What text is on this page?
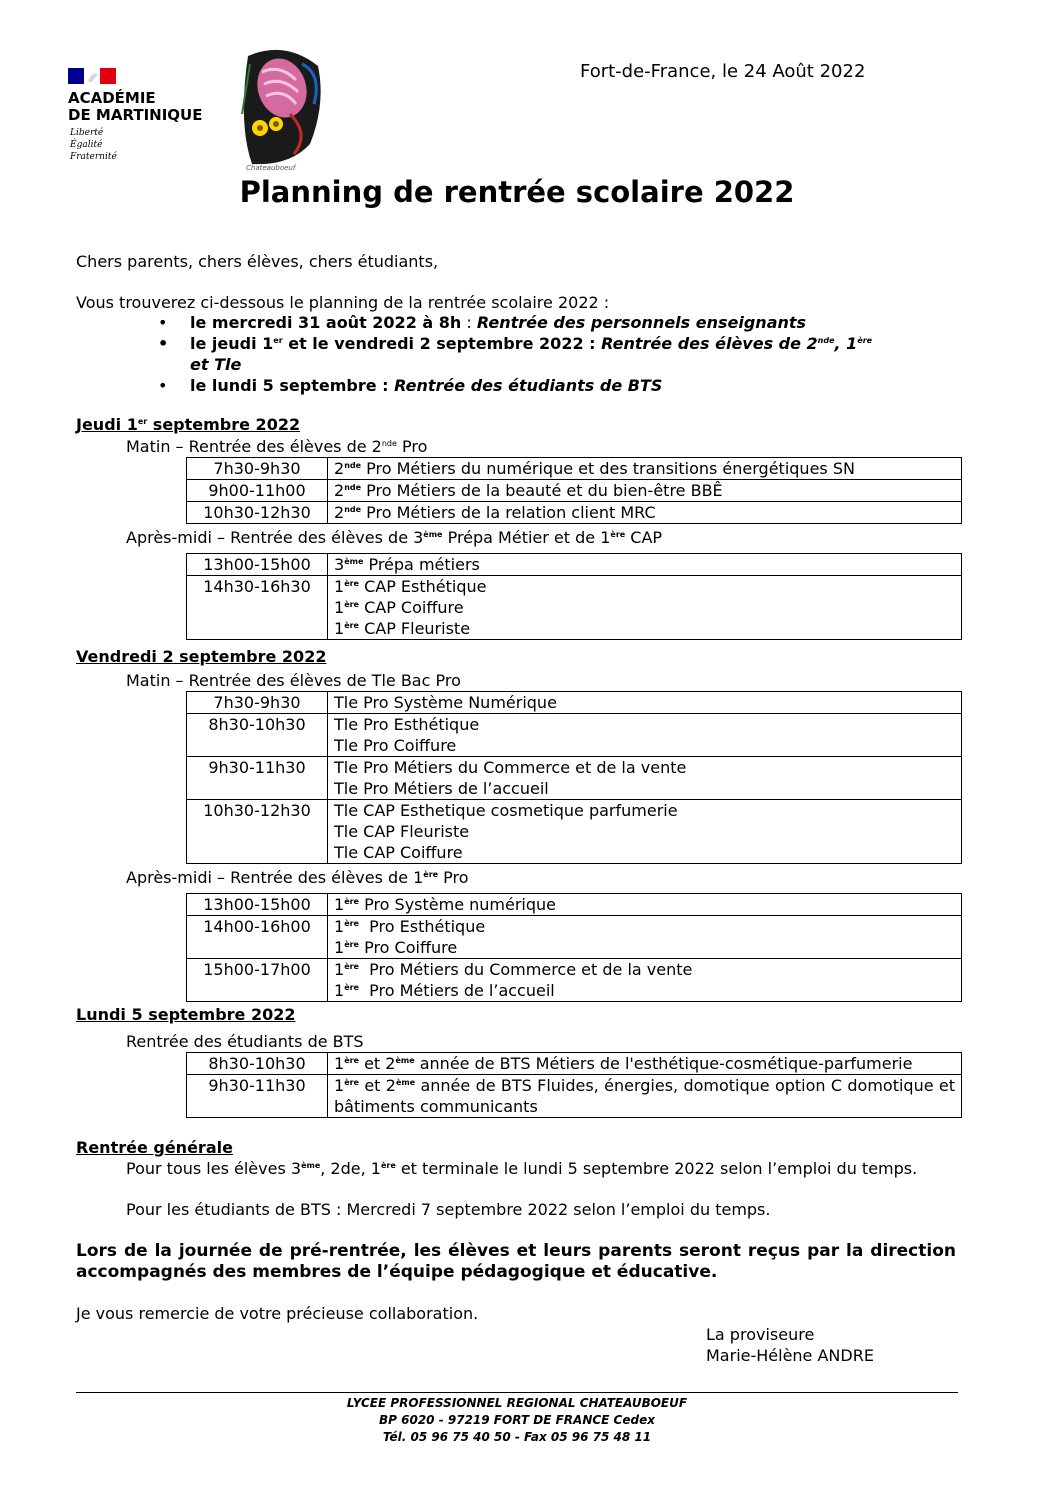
ACADÉMIE
DE MARTINIQUE
Liberté
Égalité
Fraternité
Chateauboeuf
Fort-de-France, le 24 Août 2022
Planning de rentrée scolaire 2022
Chers parents, chers élèves, chers étudiants,
Vous trouverez ci-dessous le planning de la rentrée scolaire 2022 :
• le mercredi 31 août 2022 à 8h : Rentrée des personnels enseignants
• le jeudi 1er et le vendredi 2 septembre 2022 : Rentrée des élèves de 2nde, 1ère
et Tle
• le lundi 5 septembre : Rentrée des étudiants de BTS
Jeudi 1er septembre 2022
Matin – Rentrée des élèves de 2nde Pro
7h30-9h30	2nde Pro Métiers du numérique et des transitions énergétiques SN
9h00-11h00	2nde Pro Métiers de la beauté et du bien-être BBÊ
10h30-12h30	2nde Pro Métiers de la relation client MRC
Après-midi – Rentrée des élèves de 3ème Prépa Métier et de 1ère CAP
13h00-15h00	3ème Prépa métiers
14h30-16h30	1ère CAP Esthétique
1ère CAP Coiffure
1ère CAP Fleuriste
Vendredi 2 septembre 2022
Matin – Rentrée des élèves de Tle Bac Pro
7h30-9h30	Tle Pro Système Numérique
8h30-10h30	Tle Pro Esthétique
Tle Pro Coiffure

9h30-11h30	Tle Pro Métiers du Commerce et de la vente
Tle Pro Métiers de l’accueil

10h30-12h30	Tle CAP Esthetique cosmetique parfumerie
Tle CAP Fleuriste
Tle CAP Coiffure
Après-midi – Rentrée des élèves de 1ère Pro
13h00-15h00	1ère Pro Système numérique
14h00-16h00	1ère  Pro Esthétique
1ère Pro Coiffure

15h00-17h00	1ère  Pro Métiers du Commerce et de la vente
1ère  Pro Métiers de l’accueil
Lundi 5 septembre 2022
Rentrée des étudiants de BTS
8h30-10h30	1ère et 2ème année de BTS Métiers de l'esthétique-cosmétique-parfumerie
9h30-11h30	1ère et 2ème année de BTS Fluides, énergies, domotique option C domotique et bâtiments communicants
Rentrée générale
Pour tous les élèves 3ème, 2de, 1ère et terminale le lundi 5 septembre 2022 selon l’emploi du temps.
Pour les étudiants de BTS : Mercredi 7 septembre 2022 selon l’emploi du temps.
Lors de la journée de pré-rentrée, les élèves et leurs parents seront reçus par la direction accompagnés des membres de l’équipe pédagogique et éducative.
Je vous remercie de votre précieuse collaboration.
La proviseure
Marie-Hélène ANDRE
LYCEE PROFESSIONNEL REGIONAL CHATEAUBOEUF
BP 6020 - 97219 FORT DE FRANCE Cedex
Tél. 05 96 75 40 50 - Fax 05 96 75 48 11
